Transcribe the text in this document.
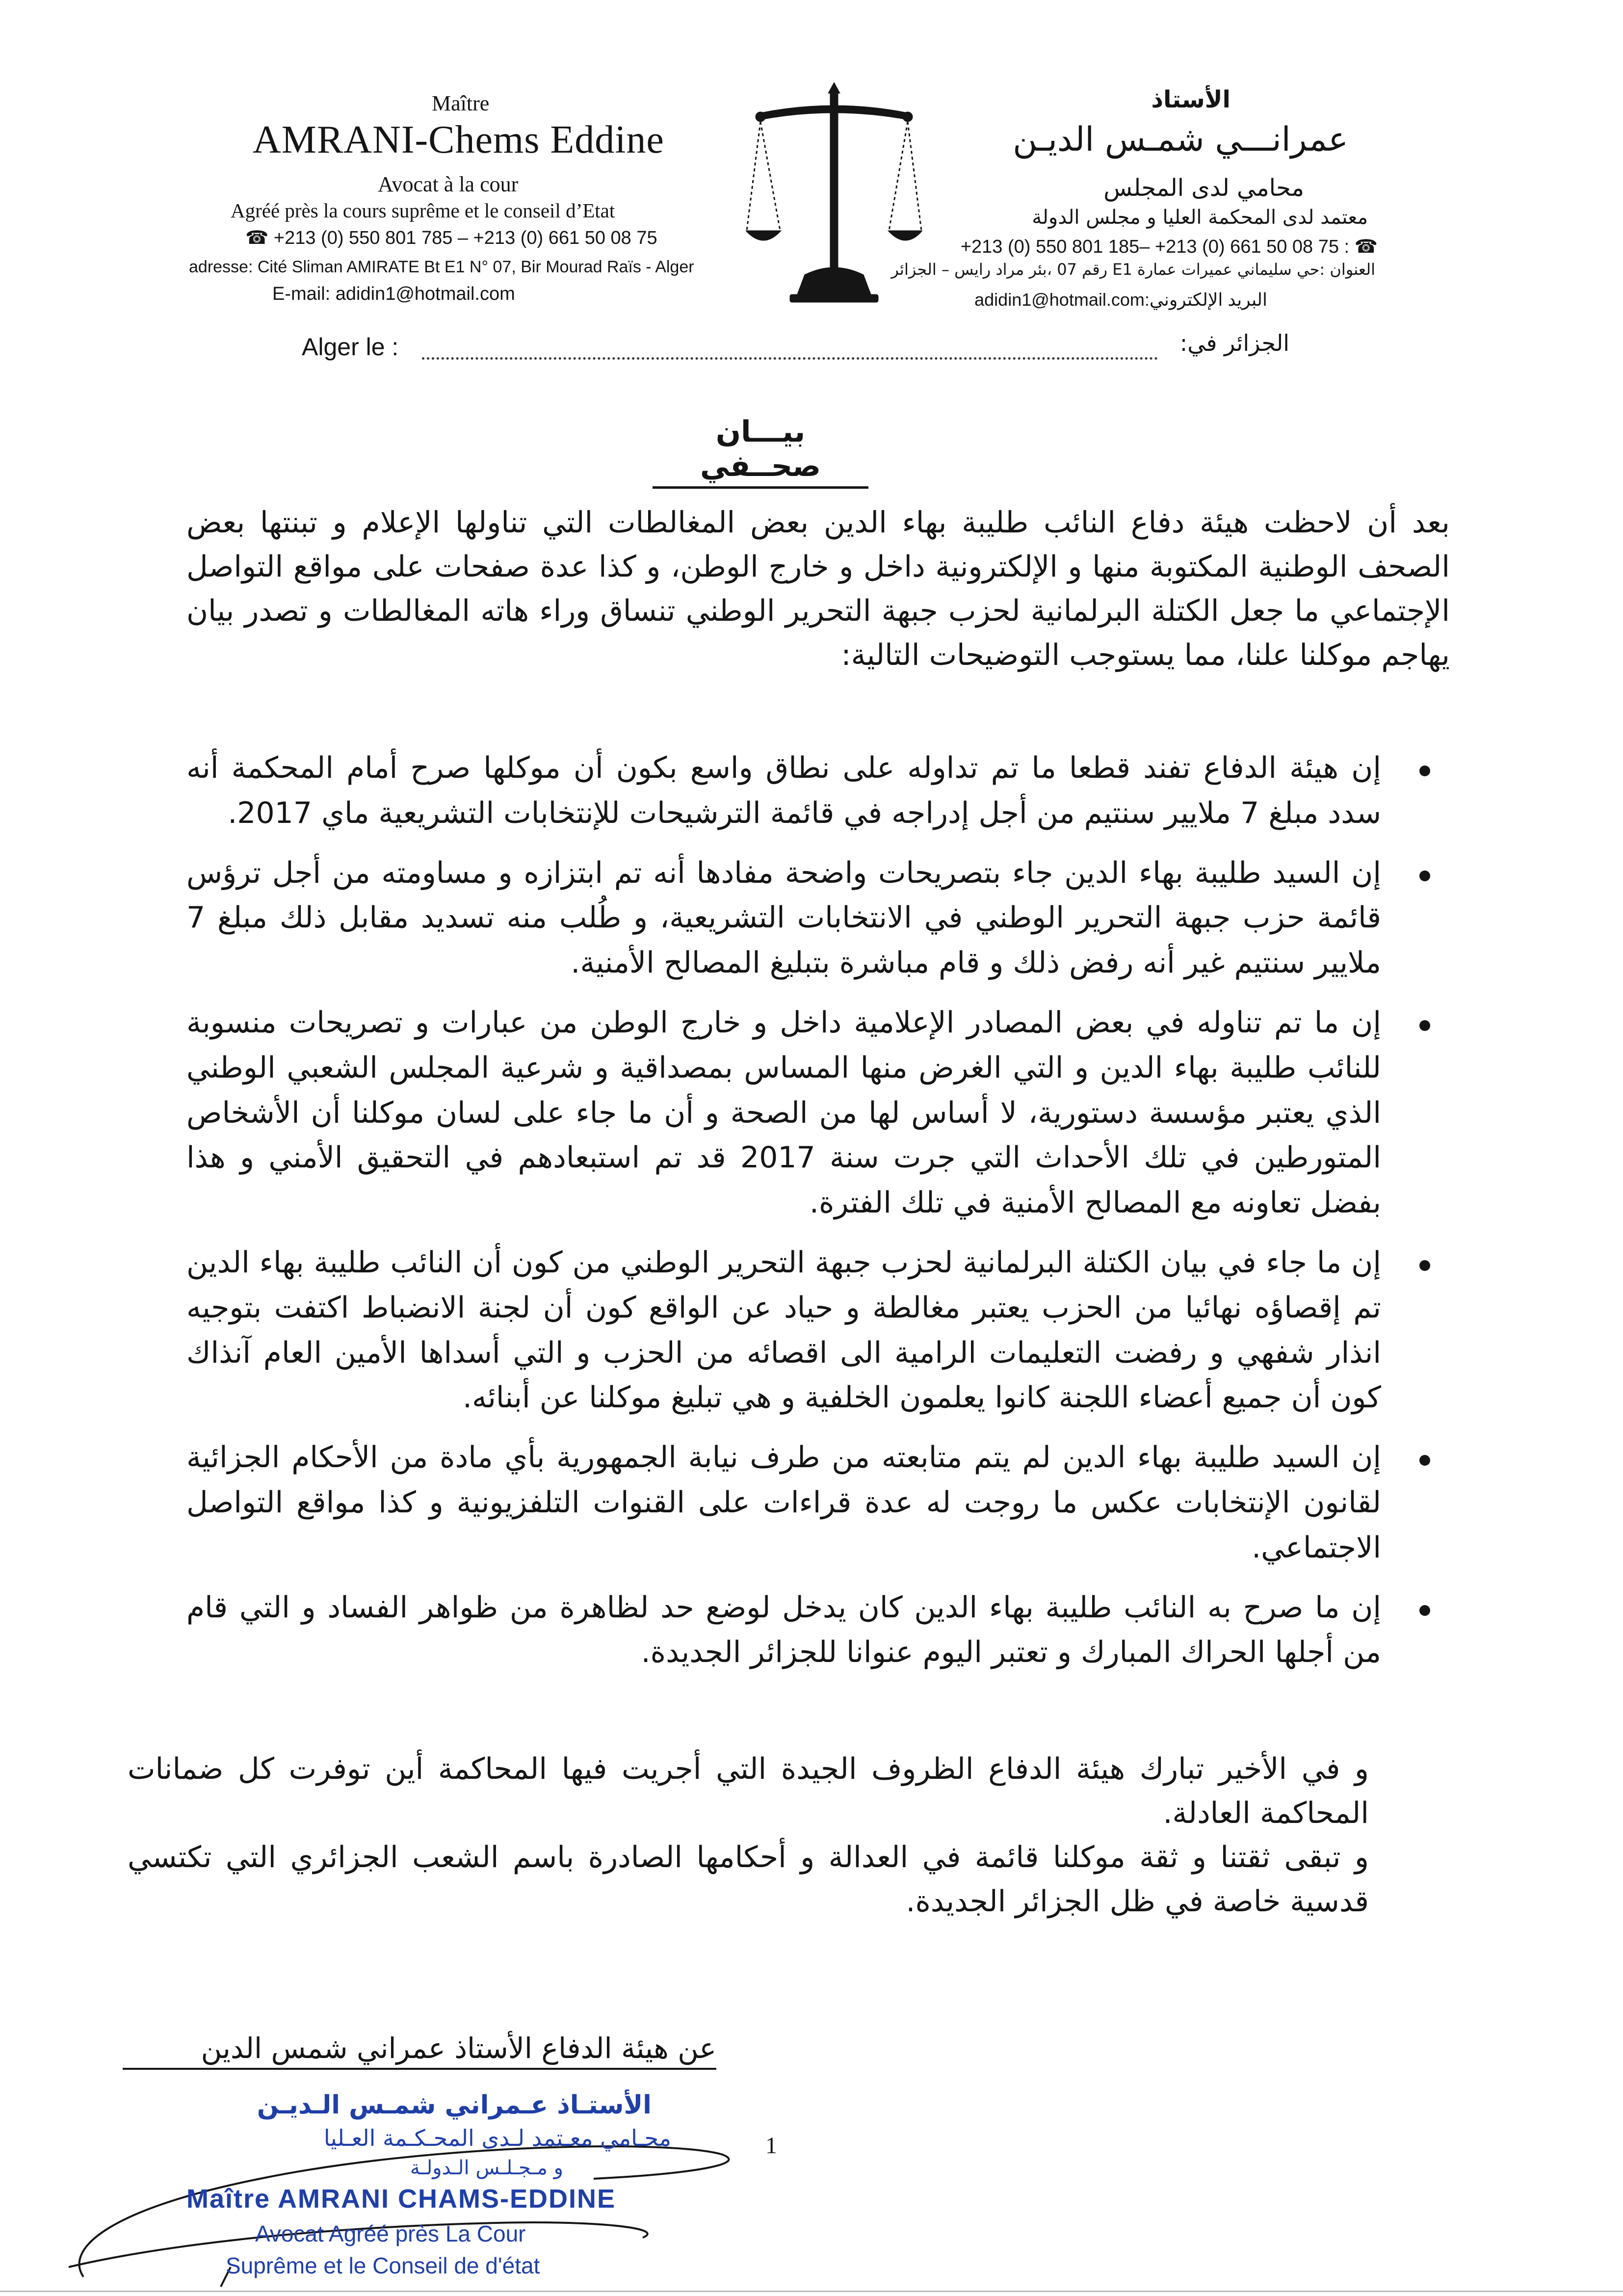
Maître
AMRANI-Chems Eddine
Avocat à la cour
Agréé près la cours suprême et le conseil d’Etat
☎ +213 (0) 550 801 785 – +213 (0) 661 50 08 75
adresse: Cité Sliman AMIRATE Bt E1 N° 07, Bir Mourad Raïs - Alger
E-mail: adidin1@hotmail.com
الأستاذ
عمرانـــي شمـس الديـن
محامي لدى المجلس
معتمد لدى المحكمة العليا و مجلس الدولة
+213 (0) 550 801 185– +213 (0) 661 50 08 75 : ☎
العنوان :حي سليماني عميرات عمارة E1 رقم 07 ،بئر مراد رايس – الجزائر
adidin1@hotmail.com:البريد الإلكتروني
Alger le :	الجزائر في:
بيـــان صحــفي
بعد أن لاحظت هيئة دفاع النائب طليبة بهاء الدين بعض المغالطات التي تناولها الإعلام و تبنتها بعض الصحف الوطنية المكتوبة منها و الإلكترونية داخل و خارج الوطن، و كذا عدة صفحات على مواقع التواصل الإجتماعي ما جعل الكتلة البرلمانية لحزب جبهة التحرير الوطني تنساق وراء هاته المغالطات و تصدر بيان يهاجم موكلنا علنا، مما يستوجب التوضيحات التالية:
إن هيئة الدفاع تفند قطعا ما تم تداوله على نطاق واسع بكون أن موكلها صرح أمام المحكمة أنه سدد مبلغ 7 ملايير سنتيم من أجل إدراجه في قائمة الترشيحات للإنتخابات التشريعية ماي 2017.
إن السيد طليبة بهاء الدين جاء بتصريحات واضحة مفادها أنه تم ابتزازه و مساومته من أجل ترؤس قائمة حزب جبهة التحرير الوطني في الانتخابات التشريعية، و طُلب منه تسديد مقابل ذلك مبلغ 7 ملايير سنتيم غير أنه رفض ذلك و قام مباشرة بتبليغ المصالح الأمنية.
إن ما تم تناوله في بعض المصادر الإعلامية داخل و خارج الوطن من عبارات و تصريحات منسوبة للنائب طليبة بهاء الدين و التي الغرض منها المساس بمصداقية و شرعية المجلس الشعبي الوطني الذي يعتبر مؤسسة دستورية، لا أساس لها من الصحة و أن ما جاء على لسان موكلنا أن الأشخاص المتورطين في تلك الأحداث التي جرت سنة 2017 قد تم استبعادهم في التحقيق الأمني و هذا بفضل تعاونه مع المصالح الأمنية في تلك الفترة.
إن ما جاء في بيان الكتلة البرلمانية لحزب جبهة التحرير الوطني من كون أن النائب طليبة بهاء الدين تم إقصاؤه نهائيا من الحزب يعتبر مغالطة و حياد عن الواقع كون أن لجنة الانضباط اكتفت بتوجيه انذار شفهي و رفضت التعليمات الرامية الى اقصائه من الحزب و التي أسداها الأمين العام آنذاك كون أن جميع أعضاء اللجنة كانوا يعلمون الخلفية و هي تبليغ موكلنا عن أبنائه.
إن السيد طليبة بهاء الدين لم يتم متابعته من طرف نيابة الجمهورية بأي مادة من الأحكام الجزائية لقانون الإنتخابات عكس ما روجت له عدة قراءات على القنوات التلفزيونية و كذا مواقع التواصل الاجتماعي.
إن ما صرح به النائب طليبة بهاء الدين كان يدخل لوضع حد لظاهرة من ظواهر الفساد و التي قام من أجلها الحراك المبارك و تعتبر اليوم عنوانا للجزائر الجديدة.
و في الأخير تبارك هيئة الدفاع الظروف الجيدة التي أجريت فيها المحاكمة أين توفرت كل ضمانات المحاكمة العادلة.
و تبقى ثقتنا و ثقة موكلنا قائمة في العدالة و أحكامها الصادرة باسم الشعب الجزائري التي تكتسي قدسية خاصة في ظل الجزائر الجديدة.
عن هيئة الدفاع الأستاذ عمراني شمس الدين
الأستـاذ عـمراني شمـس الـديـن
محـامي معـتمد لـدى المحـكـمة العـليا
و مـجـلـس الـدولـة
Maître AMRANI CHAMS-EDDINE
Avocat Agréé près La Cour
Suprême et le Conseil de d'état
1
